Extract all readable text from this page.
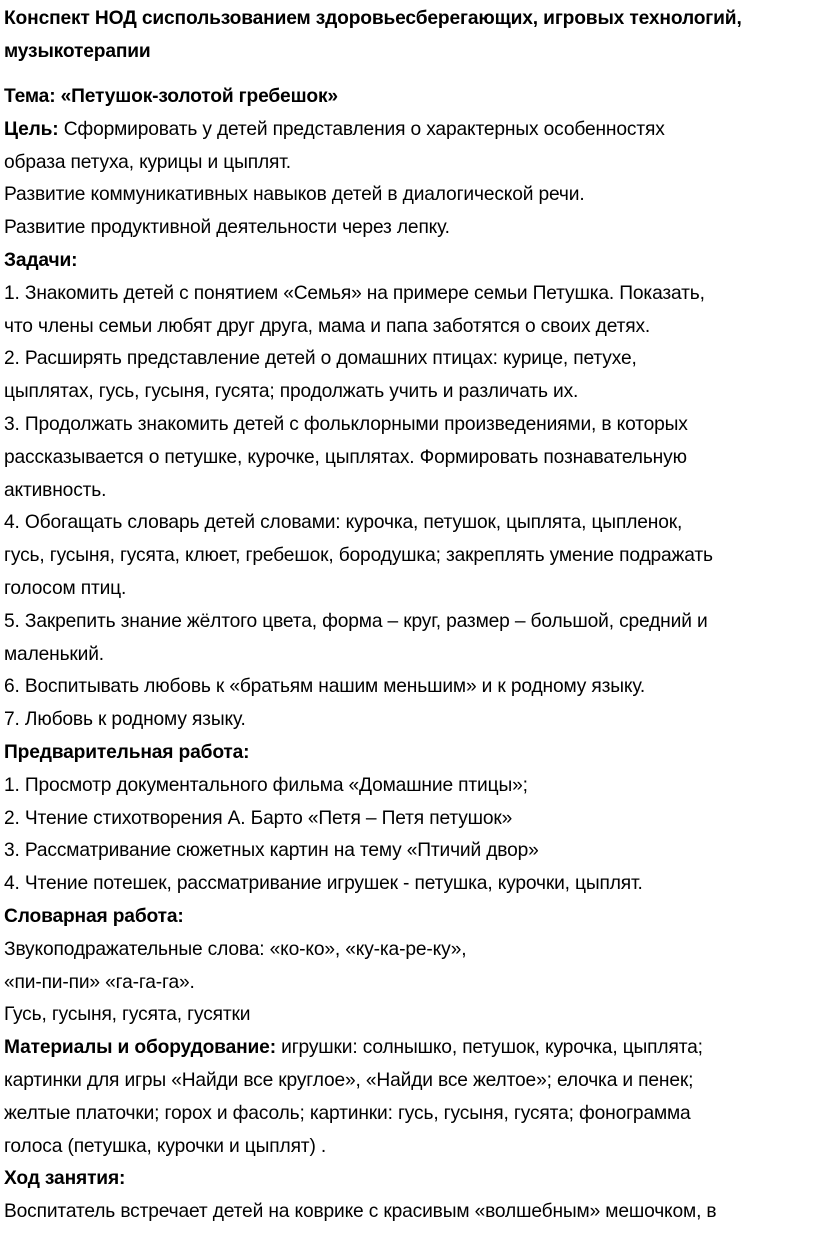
Конспект НОД сиспользованием здоровьесберегающих, игровых технологий,
музыкотерапии
Тема: «Петушок-золотой гребешок»
Цель: Сформировать у детей представления о характерных особенностях
образа петуха, курицы и цыплят.
Развитие коммуникативных навыков детей в диалогической речи.
Развитие продуктивной деятельности через лепку.
Задачи:
1. Знакомить детей с понятием «Семья» на примере семьи Петушка. Показать,
что члены семьи любят друг друга, мама и папа заботятся о своих детях.
2. Расширять представление детей о домашних птицах: курице, петухе,
цыплятах, гусь, гусыня, гусята; продолжать учить и различать их.
3. Продолжать знакомить детей с фольклорными произведениями, в которых
рассказывается о петушке, курочке, цыплятах. Формировать познавательную
активность.
4. Обогащать словарь детей словами: курочка, петушок, цыплята, цыпленок,
гусь, гусыня, гусята, клюет, гребешок, бородушка; закреплять умение подражать
голосом птиц.
5. Закрепить знание жёлтого цвета, форма – круг, размер – большой, средний и
маленький.
6. Воспитывать любовь к «братьям нашим меньшим» и к родному языку.
7. Любовь к родному языку.
Предварительная работа:
1. Просмотр документального фильма «Домашние птицы»;
2. Чтение стихотворения А. Барто «Петя – Петя петушок»
3. Рассматривание сюжетных картин на тему «Птичий двор»
4. Чтение потешек, рассматривание игрушек - петушка, курочки, цыплят.
Словарная работа:
Звукоподражательные слова: «ко-ко», «ку-ка-ре-ку»,
«пи-пи-пи» «га-га-га».
Гусь, гусыня, гусята, гусятки
Материалы и оборудование: игрушки: солнышко, петушок, курочка, цыплята;
картинки для игры «Найди все круглое», «Найди все желтое»; елочка и пенек;
желтые платочки; горох и фасоль; картинки: гусь, гусыня, гусята; фонограмма
голоса (петушка, курочки и цыплят) .
Ход занятия:
Воспитатель встречает детей на коврике с красивым «волшебным» мешочком, в
